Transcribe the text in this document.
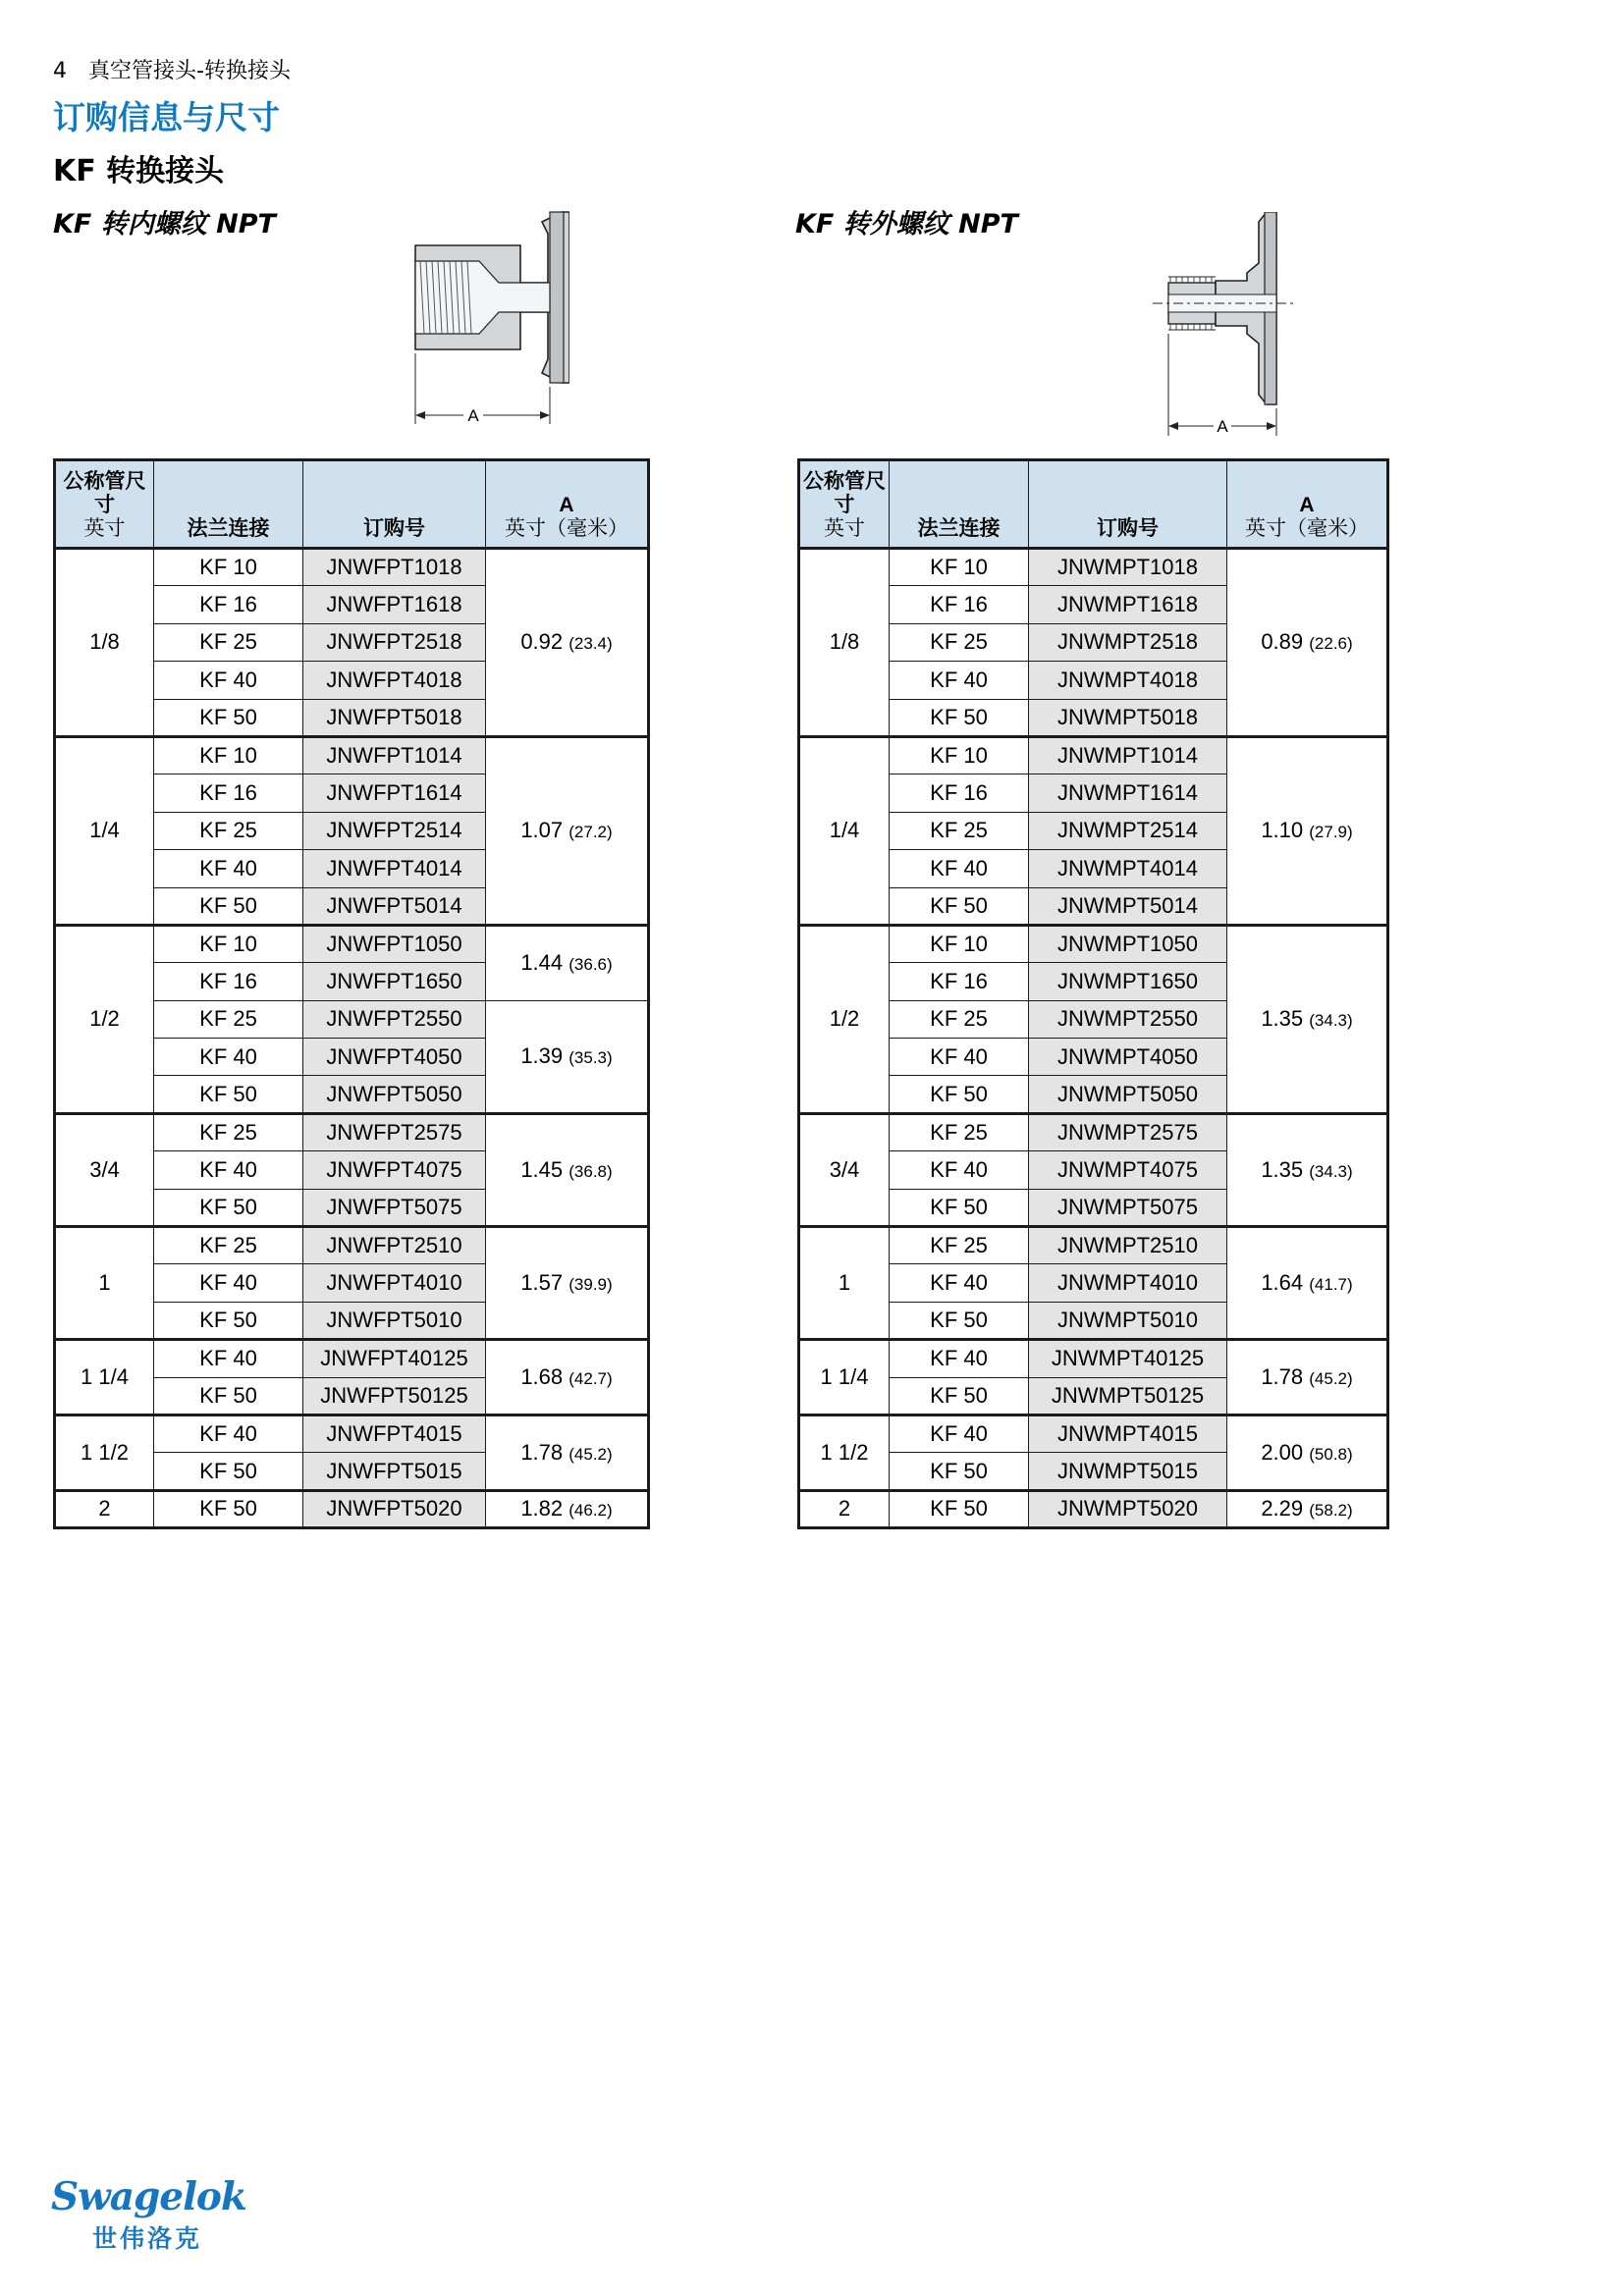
4 真空管接头-转换接头
订购信息与尺寸
KF 转换接头
KF 转内螺纹 NPT
A
KF 转外螺纹 NPT
A
公称管尺寸
英寸	法兰连接	订购号	A
英寸（毫米）

1/8	KF 10	JNWFPT1018	0.92 (23.4)
	KF 16	JNWFPT1618	
	KF 25	JNWFPT2518	
	KF 40	JNWFPT4018	
	KF 50	JNWFPT5018	
1/4	KF 10	JNWFPT1014	1.07 (27.2)
	KF 16	JNWFPT1614	
	KF 25	JNWFPT2514	
	KF 40	JNWFPT4014	
	KF 50	JNWFPT5014	
1/2	KF 10	JNWFPT1050	1.44 (36.6)
	KF 16	JNWFPT1650	
	KF 25	JNWFPT2550	1.39 (35.3)
	KF 40	JNWFPT4050	
	KF 50	JNWFPT5050	
3/4	KF 25	JNWFPT2575	1.45 (36.8)
	KF 40	JNWFPT4075	
	KF 50	JNWFPT5075	
1	KF 25	JNWFPT2510	1.57 (39.9)
	KF 40	JNWFPT4010	
	KF 50	JNWFPT5010	
1 1/4	KF 40	JNWFPT40125	1.68 (42.7)
	KF 50	JNWFPT50125	
1 1/2	KF 40	JNWFPT4015	1.78 (45.2)
	KF 50	JNWFPT5015	
2	KF 50	JNWFPT5020	1.82 (46.2)
公称管尺寸
英寸	法兰连接	订购号	A
英寸（毫米）

1/8	KF 10	JNWMPT1018	0.89 (22.6)
	KF 16	JNWMPT1618	
	KF 25	JNWMPT2518	
	KF 40	JNWMPT4018	
	KF 50	JNWMPT5018	
1/4	KF 10	JNWMPT1014	1.10 (27.9)
	KF 16	JNWMPT1614	
	KF 25	JNWMPT2514	
	KF 40	JNWMPT4014	
	KF 50	JNWMPT5014	
1/2	KF 10	JNWMPT1050	1.35 (34.3)
	KF 16	JNWMPT1650	
	KF 25	JNWMPT2550	
	KF 40	JNWMPT4050	
	KF 50	JNWMPT5050	
3/4	KF 25	JNWMPT2575	1.35 (34.3)
	KF 40	JNWMPT4075	
	KF 50	JNWMPT5075	
1	KF 25	JNWMPT2510	1.64 (41.7)
	KF 40	JNWMPT4010	
	KF 50	JNWMPT5010	
1 1/4	KF 40	JNWMPT40125	1.78 (45.2)
	KF 50	JNWMPT50125	
1 1/2	KF 40	JNWMPT4015	2.00 (50.8)
	KF 50	JNWMPT5015	
2	KF 50	JNWMPT5020	2.29 (58.2)
Swagelok
世伟洛克
